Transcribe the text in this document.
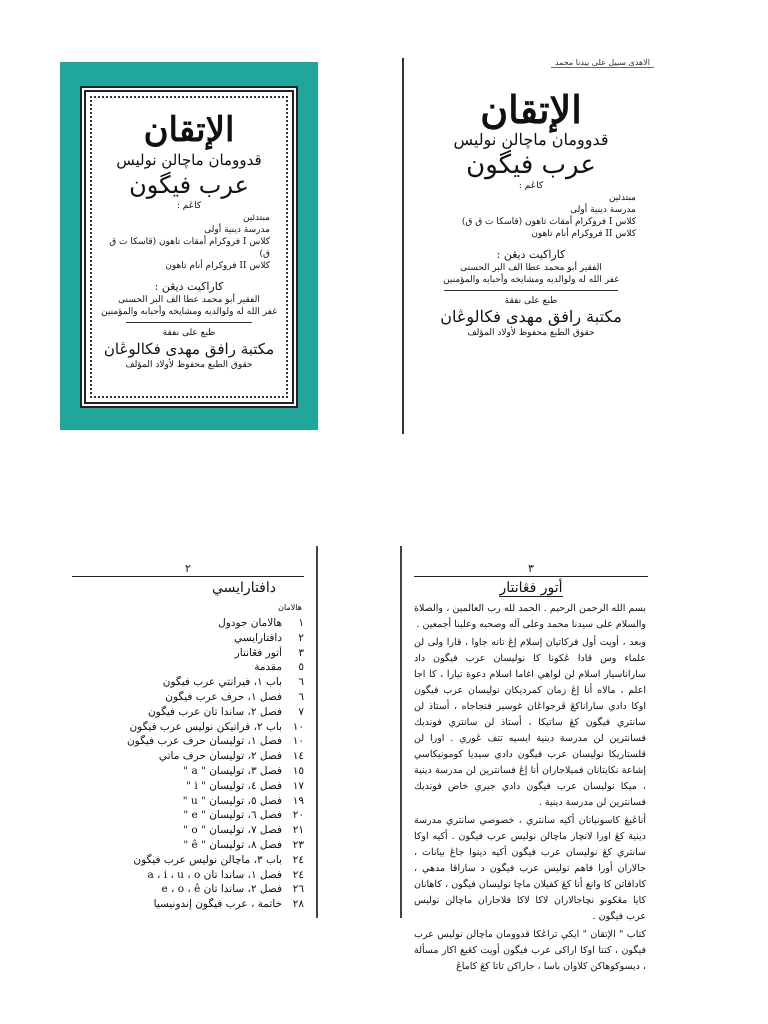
الإتقان
قدوومان ماچالن نوليس
عرب فيگون
كاڠم :
مبتدئين
مدرسة دينية أولى
كلاس I فروكرام أمقات تاهون (قاسكا ت ق ق)
كلاس II فروكرام أنام تاهون
كاراكيت ديڠن :
الفقير أبو محمد عطا الف البر الحسنى
غفر الله له ولوالديه ومشايخه وأحبابه والمؤمنين
طبع على نفقة
مكتبة رافق مهدى فكالوڠان
حقوق الطبع محفوظ لأولاد المؤلف
الاهدى سبيل على بيدنا محمد
الإتقان
قدوومان ماچالن نوليس
عرب فيگون
كاڠم :
مبتدئين
مدرسة دينية أولى
كلاس I فروكرام أمقات تاهون (قاسكا ت ق ق)
كلاس II فروكرام أنام تاهون
كاراكيت ديڠن :
الفقير أبو محمد عطا الف البر الحسنى
غفر الله له ولوالديه ومشايخه وأحبابه والمؤمنين
طبع على نفقة
مكتبة رافق مهدى فكالوڠان
حقوق الطبع محفوظ لأولاد المؤلف
٢
دافتارايسي
هالامان
١
هالامان جودول
٢
دافتارايسي
٣
أتور فڠانتار
٥
مقدمة
٦
باب ١، فيرانتي عرب فيگون
٦
فصل ١، حرف عرب فيگون
٧
فصل ٢، ساندا تان عرب فيگون
١٠
باب ٢، فراتيكن نوليس عرب فيگون
١٠
فصل ١، توليسان حرف عرب فيگون
١٤
فصل ٢، توليسان حرف ماتي
١٥
فصل ٣، توليسان " a "
١٧
فصل ٤، توليسان " i "
١٩
فصل ٥، توليسان " u "
٢٠
فصل ٦، توليسان " e "
٢١
فصل ٧، توليسان " o "
٢٣
فصل ٨، توليسان " ê "
٢٤
باب ٣، ماچالن نوليس عرب فيگون
٢٤
فصل ١، ساندا تان a ، i ، u ، o
٢٦
فصل ٢، ساندا تان e ، o ، ê
٢٨
خاتمة ، عرب فيگون إندونيسيا
٣
أتور فڠانتار

بسم الله الرحمن الرحيم . الحمد لله رب العالمين ، والصلاة والسلام على سيدنا محمد وعلى آله وصحبه وعلينا أجمعين .

وبعد ، أويت أول فركاتيان إسلام إڠ تانه جاوا ، قارا ولى لن علماء وس قادا ڠكونا كا نوليسان عرب فيگون داد ساراناسيار اسلام لن لواهي اغاما اسلام دعوة تيارا ، كا اجا اعلم ، مالاه أنا إڠ زمان كمرديكان نوليسان عرب فيگون اوكا دادي ساراناكڠ ڤرجواڠان غوسير فنجاجاه ، أستاذ لن سانتري فيگون كڠ ساتيكا ، أستاذ لن سانتري فونديك فسانترين لن مدرسة دينية ايسيه تتف ڠوري . اورا لن قلستاريكا نوليسان عرب فيگون دادي سيديا كومونيكاسي إشاعة نكايتانان فميلاجاران أنا إڠ فسانترين لن مدرسة دينية ، ميكا نوليسان عرب فيگون دادي جيري خاص فونديك فسانترين لن مدرسة دينية .

أناڠيڠ كاسونياتان أكيه سانتري ، خصوصي سانتري مدرسة دينية كڠ اورا لانچار ماچالن نوليس عرب فيگون . أكيه اوكا سانتري كڠ نوليسان عرب فيگون أكيه دينوا جاڠ بيانات ، جالاران أورا فاهم نوليس عرب فيگون د ساراقا مدهي ، كاداقاتن كا وانغ أنا كڠ كفيلان ماچا نوليسان فيگون ، كاهانان كايا مڠكونو نچاجالاران لاكا لاكا فلاجاران ماچالن نوليس عرب فيگون .

كتاب " الإتقان " ايكي تراڠكا قدوومان ماچالن نوليس عرب فيگون ، كنتا اوكا اراكى عرب فيگون أويت كڠيغ اكار مسألة ، ديسوكوهاكن كلاوان باسا ، جاراكن تاتا كڠ كاماڠ
